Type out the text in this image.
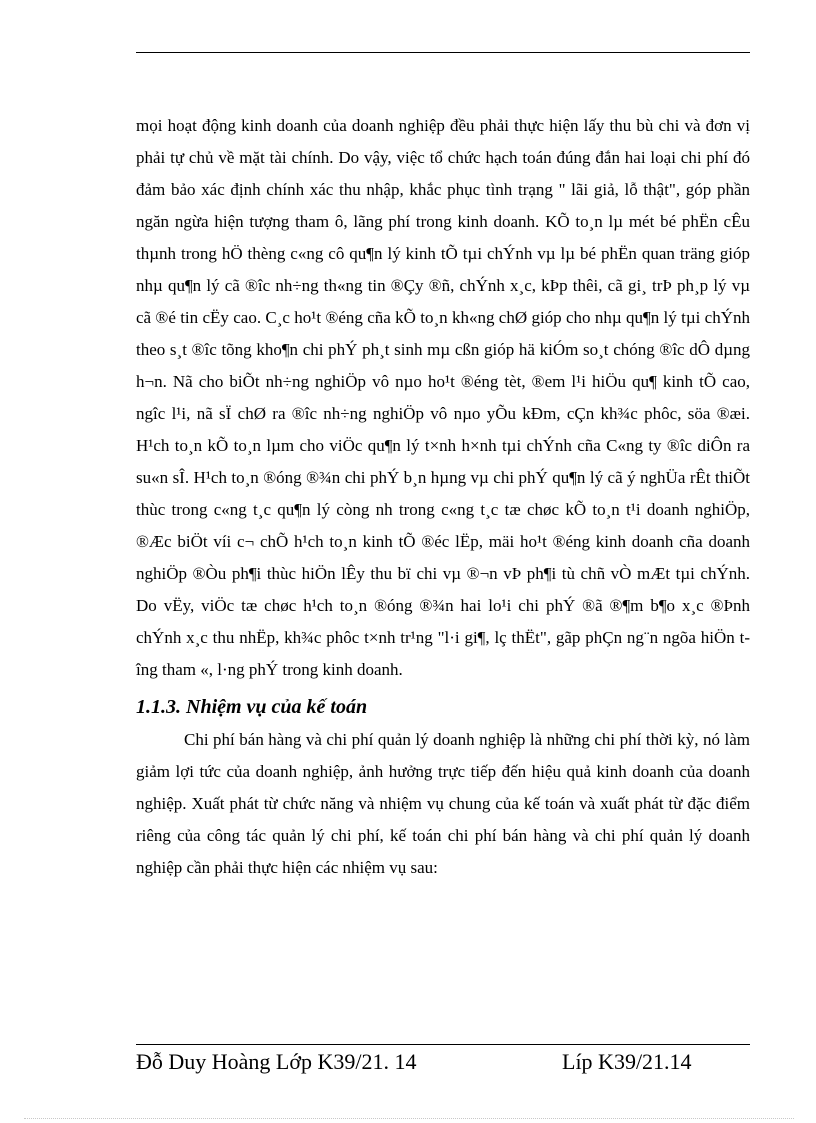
mọi hoạt động kinh doanh của doanh nghiệp đều phải thực hiện lấy thu bù chi và đơn vị phải tự chủ về mặt tài chính. Do vậy, việc tổ chức hạch toán đúng đắn hai loại chi phí đó đảm bảo xác định chính xác thu nhập, khắc phục tình trạng " lãi giả, lỗ thật", góp phần ngăn ngừa hiện tượng tham ô, lãng phí trong kinh doanh. KÕ to¸n lµ mét bé phËn cÊu thµnh trong hÖ thèng c«ng cô qu¶n lý kinh tÕ tµi chÝnh vµ lµ bé phËn quan träng gióp nhµ qu¶n lý cã ®îc nh÷ng th«ng tin ®Çy ®ñ, chÝnh x¸c, kÞp thêi, cã gi¸ trÞ ph¸p lý vµ cã ®é tin cËy cao. C¸c ho¹t ®éng cña kÕ to¸n kh«ng chØ gióp cho nhµ qu¶n lý tµi chÝnh theo s¸t ®îc tõng kho¶n chi phÝ ph¸t sinh mµ cßn gióp hä kiÓm so¸t chóng ®îc dÔ dµng h¬n. Nã cho biÕt nh÷ng nghiÖp vô nµo ho¹t ®éng tèt, ®em l¹i hiÖu qu¶ kinh tÕ cao, ngîc l¹i, nã sÏ chØ ra ®îc nh÷ng nghiÖp vô nµo yÕu kÐm, cÇn kh¾c phôc, söa ®æi. H¹ch to¸n kÕ to¸n lµm cho viÖc qu¶n lý t×nh h×nh tµi chÝnh cña C«ng ty ®îc diÔn ra su«n sÎ. H¹ch to¸n ®óng ®¾n chi phÝ b¸n hµng vµ chi phÝ qu¶n lý cã ý nghÜa rÊt thiÕt thùc trong c«ng t¸c qu¶n lý còng nh trong c«ng t¸c tæ chøc kÕ to¸n t¹i doanh nghiÖp, ®Æc biÖt víi c¬ chÕ h¹ch to¸n kinh tÕ ®éc lËp, mäi ho¹t ®éng kinh doanh cña doanh nghiÖp ®Òu ph¶i thùc hiÖn lÊy thu bï chi vµ ®¬n vÞ ph¶i tù chñ vÒ mÆt tµi chÝnh. Do vËy, viÖc tæ chøc h¹ch to¸n ®óng ®¾n hai lo¹i chi phÝ ®ã ®¶m b¶o x¸c ®Þnh chÝnh x¸c thu nhËp, kh¾c phôc t×nh tr¹ng "l·i gi¶, lç thËt", gãp phÇn ng¨n ngõa hiÖn tîng tham «, l·ng phÝ trong kinh doanh.

1.1.3. Nhiệm vụ của kế toán

Chi phí bán hàng và chi phí quản lý doanh nghiệp là những chi phí thời kỳ, nó làm giảm lợi tức của doanh nghiệp, ảnh hưởng trực tiếp đến hiệu quả kinh doanh của doanh nghiệp. Xuất phát từ chức năng và nhiệm vụ chung của kế toán và xuất phát từ đặc điểm riêng của công tác quản lý chi phí, kế toán chi phí bán hàng và chi phí quản lý doanh nghiệp cần phải thực hiện các nhiệm vụ sau:

Đỗ Duy Hoàng Lớp K39/21. 14	Líp K39/21.14
